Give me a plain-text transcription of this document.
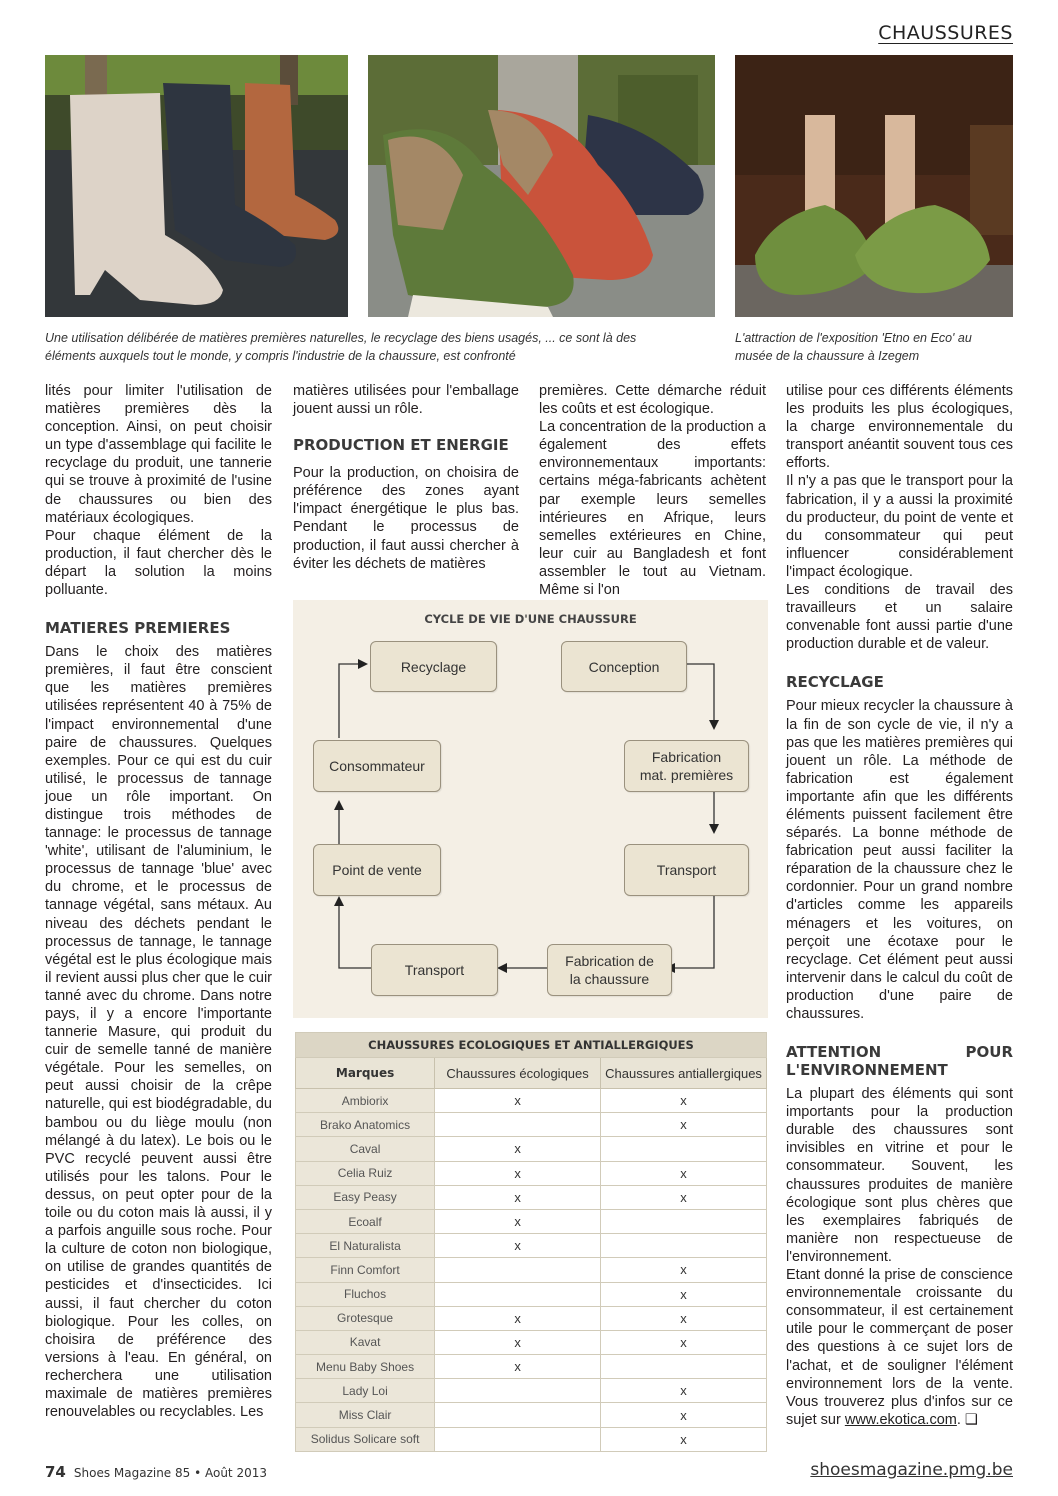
CHAUSSURES
Une utilisation délibérée de matières premières naturelles, le recyclage des biens usagés, ... ce sont là des éléments auxquels tout le monde, y compris l'industrie de la chaussure, est confronté
L'attraction de l'exposition 'Etno en Eco' au musée de la chaussure à Izegem

lités pour limiter l'utilisation de matières premières dès la conception. Ainsi, on peut choisir un type d'assemblage qui facilite le recyclage du produit, une tannerie qui se trouve à proximité de l'usine de chaussures ou bien des matériaux écologiques.

Pour chaque élément de la production, il faut chercher dès le départ la solution la moins polluante.

MATIERES PREMIERES

Dans le choix des matières premières, il faut être conscient que les matières premières utilisées représentent 40 à 75% de l'impact environnemental d'une paire de chaussures. Quelques exemples. Pour ce qui est du cuir utilisé, le processus de tannage joue un rôle important. On distingue trois méthodes de tannage: le processus de tannage 'white', utilisant de l'aluminium, le processus de tannage 'blue' avec du chrome, et le processus de tannage végétal, sans métaux. Au niveau des déchets pendant le processus de tannage, le tannage végétal est le plus écologique mais il revient aussi plus cher que le cuir tanné avec du chrome. Dans notre pays, il y a encore l'importante tannerie Masure, qui produit du cuir de semelle tanné de manière végétale. Pour les semelles, on peut aussi choisir de la crêpe naturelle, qui est biodégradable, du bambou ou du liège moulu (non mélangé à du latex). Le bois ou le PVC recyclé peuvent aussi être utilisés pour les talons. Pour le dessus, on peut opter pour de la toile ou du coton mais là aussi, il y a parfois anguille sous roche. Pour la culture de coton non biologique, on utilise de grandes quantités de pesticides et d'insecticides. Ici aussi, il faut chercher du coton biologique. Pour les colles, on choisira de préférence des versions à l'eau. En général, on recherchera une utilisation maximale de matières premières renouvelables ou recyclables. Les

matières utilisées pour l'emballage jouent aussi un rôle.

PRODUCTION ET ENERGIE

Pour la production, on choisira de préférence des zones ayant l'impact énergétique le plus bas. Pendant le processus de production, il faut aussi chercher à éviter les déchets de matières

premières. Cette démarche réduit les coûts et est écologique.

La concentration de la production a également des effets environnementaux importants: certains méga-fabricants achètent par exemple leurs semelles intérieures en Afrique, leurs semelles extérieures en Chine, leur cuir au Bangladesh et font assembler le tout au Vietnam. Même si l'on

utilise pour ces différents éléments les produits les plus écologiques, la charge environnementale du transport anéantit souvent tous ces efforts.

Il n'y a pas que le transport pour la fabrication, il y a aussi la proximité du producteur, du point de vente et du consommateur qui peut influencer considérablement l'impact écologique.

Les conditions de travail des travailleurs et un salaire convenable font aussi partie d'une production durable et de valeur.

RECYCLAGE

Pour mieux recycler la chaussure à la fin de son cycle de vie, il n'y a pas que les matières premières qui jouent un rôle. La méthode de fabrication est également importante afin que les différents éléments puissent facilement être séparés. La bonne méthode de fabrication peut aussi faciliter la réparation de la chaussure chez le cordonnier. Pour un grand nombre d'articles comme les appareils ménagers et les voitures, on perçoit une écotaxe pour le recyclage. Cet élément peut aussi intervenir dans le calcul du coût de production d'une paire de chaussures.

ATTENTION POUR L'ENVIRONNEMENT

La plupart des éléments qui sont importants pour la production durable des chaussures sont invisibles en vitrine et pour le consommateur. Souvent, les chaussures produites de manière écologique sont plus chères que les exemplaires fabriqués de manière non respectueuse de l'environnement.

Etant donné la prise de conscience environnementale croissante du consommateur, il est certainement utile pour le commerçant de poser des questions à ce sujet lors de l'achat, et de souligner l'élément environnement lors de la vente. Vous trouverez plus d'infos sur ce sujet sur www.ekotica.com. ❑

CYCLE DE VIE D'UNE CHAUSSURE
Recyclage	Conception
Consommateur
Fabrication
mat. premières
Point de vente	Transport
Transport
Fabrication de
la chaussure
CHAUSSURES ECOLOGIQUES ET ANTIALLERGIQUES		
Marques	Chaussures écologiques	Chaussures antiallergiques
Ambiorix	x	x
Brako Anatomics		x
Caval	x	
Celia Ruiz	x	x
Easy Peasy	x	x
Ecoalf	x	
El Naturalista	x	
Finn Comfort		x
Fluchos		x
Grotesque	x	x
Kavat	x	x
Menu Baby Shoes	x	
Lady Loi		x
Miss Clair		x
Solidus Solicare soft		x
74 Shoes Magazine 85 • Août 2013	shoesmagazine.pmg.be
